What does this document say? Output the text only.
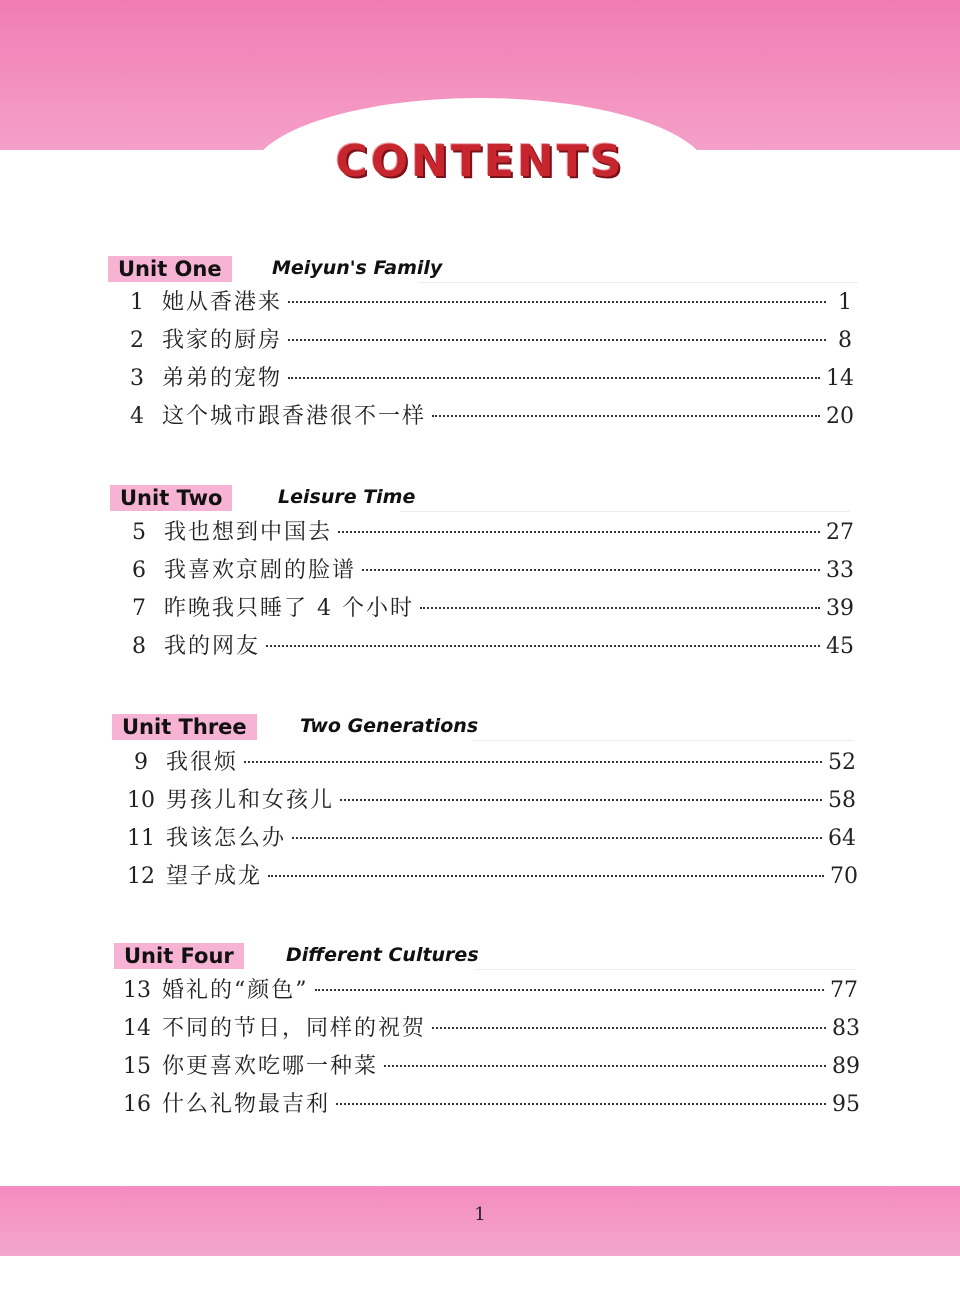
CONTENTS
Unit One	Meiyun's Family
1 她从香港来	1
2 我家的厨房	8
3 弟弟的宠物	14
4 这个城市跟香港很不一样	20
Unit Two	Leisure Time
5 我也想到中国去	27
6 我喜欢京剧的脸谱	33
7 昨晚我只睡了 4 个小时	39
8 我的网友	45
Unit Three	Two Generations
9 我很烦	52
10 男孩儿和女孩儿	58
11 我该怎么办	64
12 望子成龙	70
Unit Four	Different Cultures
13 婚礼的“颜色”	77
14 不同的节日，同样的祝贺	83
15 你更喜欢吃哪一种菜	89
16 什么礼物最吉利	95
1
